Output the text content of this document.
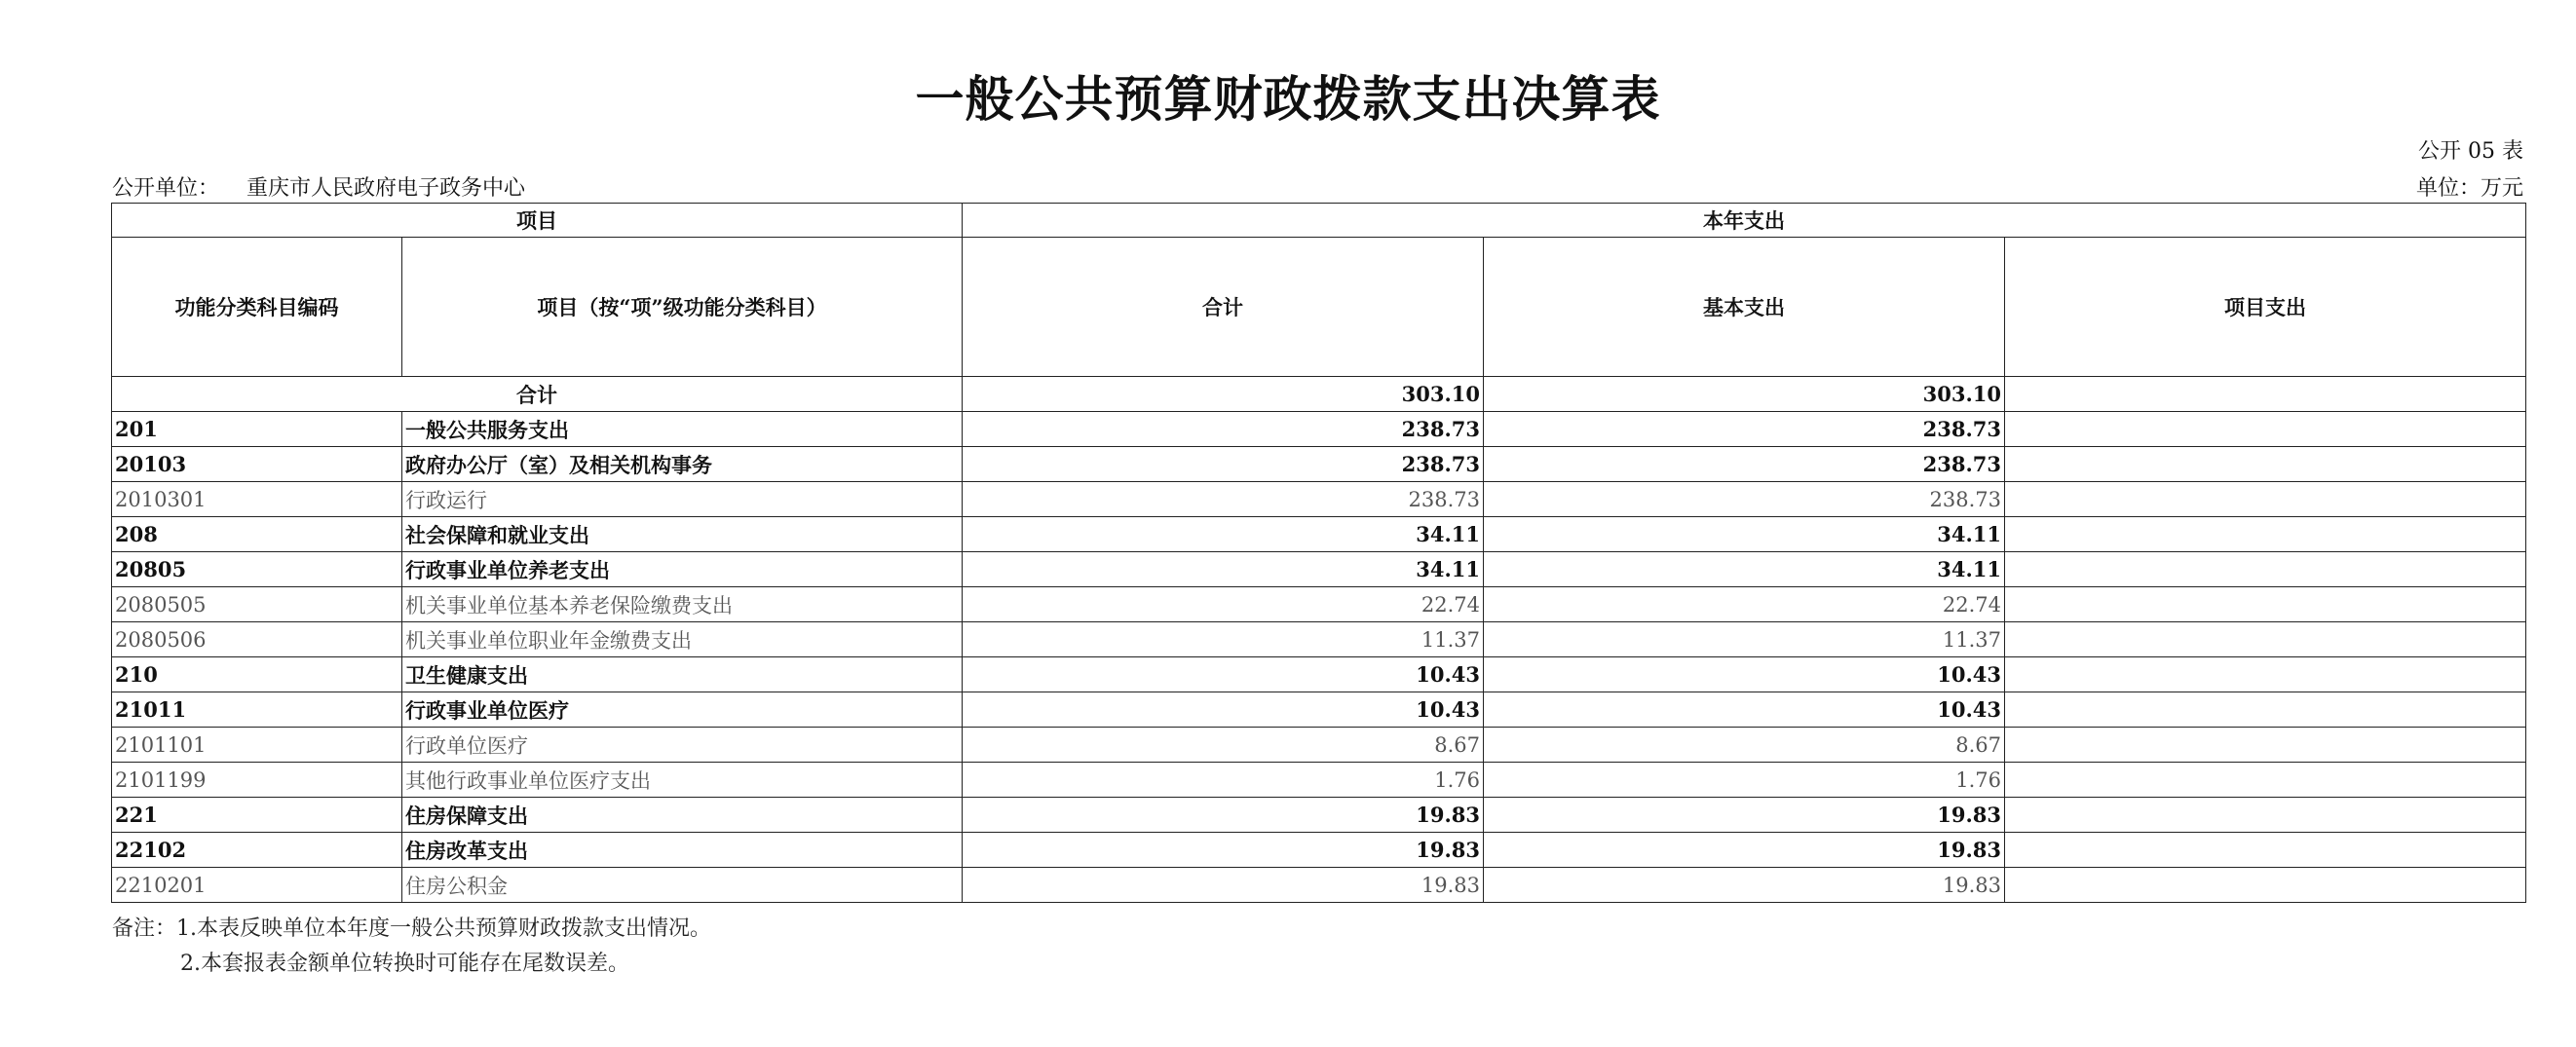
一般公共预算财政拨款支出决算表
公开 05 表
公开单位： 重庆市人民政府电子政务中心	单位：万元
项目		本年支出		
功能分类科目编码	项目（按“项”级功能分类科目）	合计	基本支出	项目支出
合计		303.10	303.10	
201	一般公共服务支出	238.73	238.73	
20103	政府办公厅（室）及相关机构事务	238.73	238.73	
2010301	行政运行	238.73	238.73	
208	社会保障和就业支出	34.11	34.11	
20805	行政事业单位养老支出	34.11	34.11	
2080505	机关事业单位基本养老保险缴费支出	22.74	22.74	
2080506	机关事业单位职业年金缴费支出	11.37	11.37	
210	卫生健康支出	10.43	10.43	
21011	行政事业单位医疗	10.43	10.43	
2101101	行政单位医疗	8.67	8.67	
2101199	其他行政事业单位医疗支出	1.76	1.76	
221	住房保障支出	19.83	19.83	
22102	住房改革支出	19.83	19.83	
2210201	住房公积金	19.83	19.83	
备注：1.本表反映单位本年度一般公共预算财政拨款支出情况。
2.本套报表金额单位转换时可能存在尾数误差。
